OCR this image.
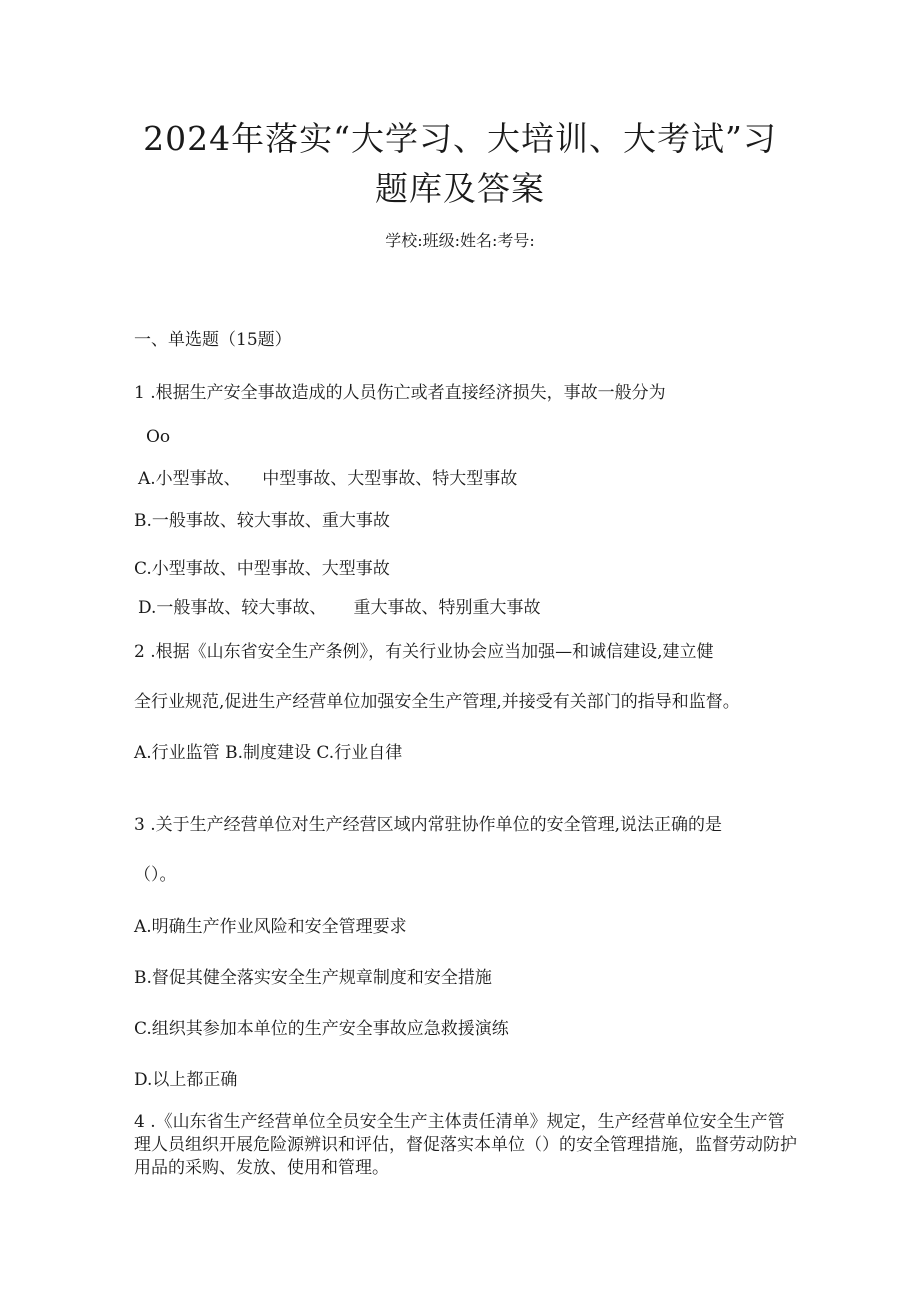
2024年落实“大学习、大培训、大考试”习
题库及答案
学校:班级:姓名:考号:
一、单选题（15题）
1 .根据生产安全事故造成的人员伤亡或者直接经济损失，事故一般分为
Oo
A.小型事故、    中型事故、大型事故、特大型事故
B.一般事故、较大事故、重大事故
C.小型事故、中型事故、大型事故
D.一般事故、较大事故、     重大事故、特别重大事故
2 .根据《山东省安全生产条例》，有关行业协会应当加强—和诚信建设,建立健
全行业规范,促进生产经营单位加强安全生产管理,并接受有关部门的指导和监督。
A.行业监管 B.制度建设 C.行业自律
3 .关于生产经营单位对生产经营区域内常驻协作单位的安全管理,说法正确的是
（）。
A.明确生产作业风险和安全管理要求
B.督促其健全落实安全生产规章制度和安全措施
C.组织其参加本单位的生产安全事故应急救援演练
D.以上都正确
4 .《山东省生产经营单位全员安全生产主体责任清单》规定，生产经营单位安全生产管理人员组织开展危险源辨识和评估，督促落实本单位（）的安全管理措施，监督劳动防护用品的采购、发放、使用和管理。
